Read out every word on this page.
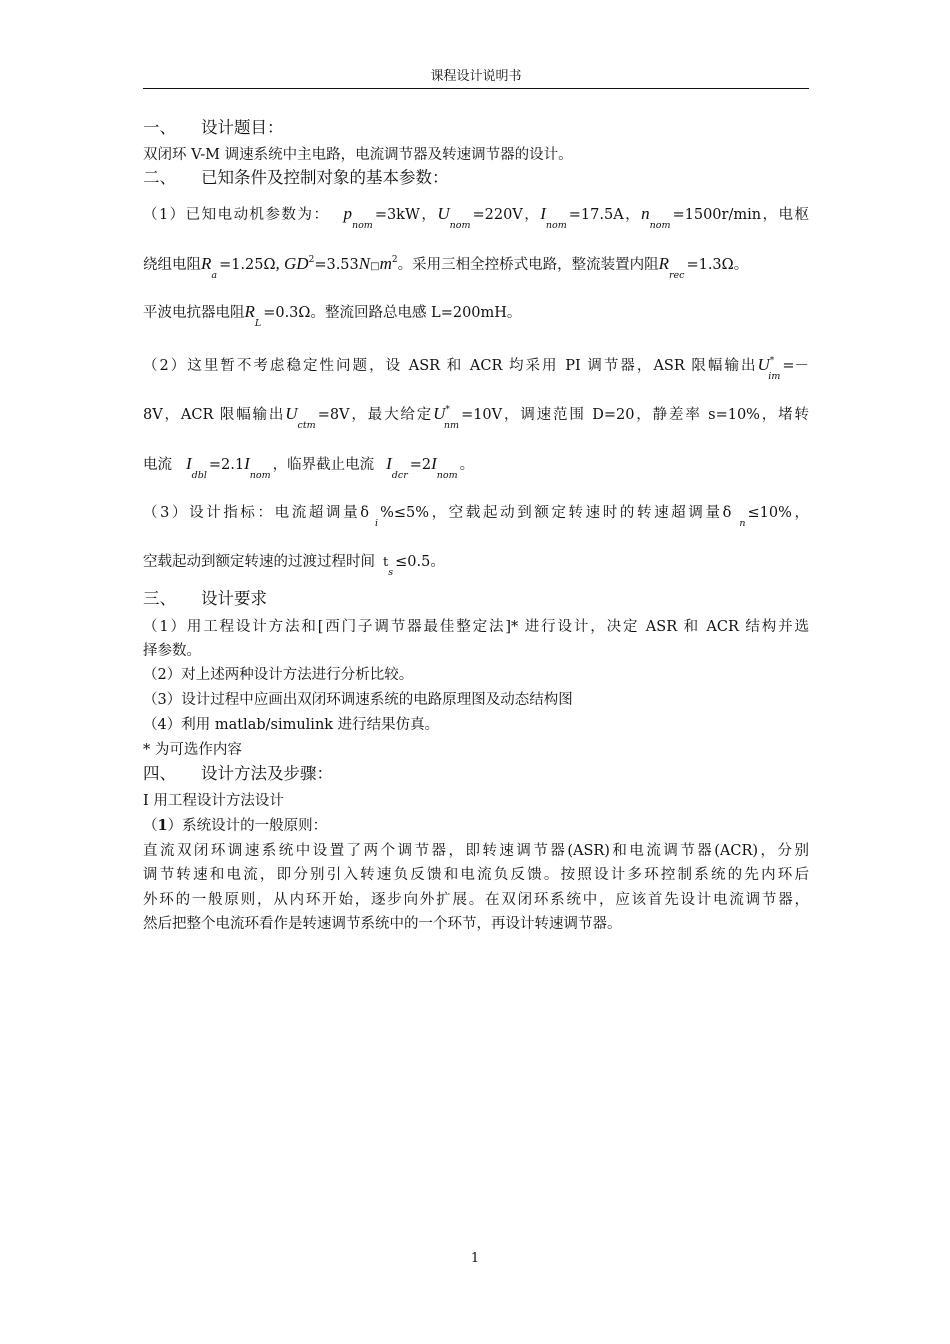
课程设计说明书
一、 设计题目：
双闭环 V-M 调速系统中主电路，电流调节器及转速调节器的设计。
二、 已知条件及控制对象的基本参数：
（1）已知电动机参数为： $p_{nom}=3kW$，$U_{nom}=220V$，$I_{nom}=17.5A$，$n_{nom}=1500r/\min$，电枢
绕组电阻$R_a=1.25\Omega$, $GD^2=3.53N□m^2$。采用三相全控桥式电路，整流装置内阻$R_{rec}=1.3\Omega$。
平波电抗器电阻$R_L=0.3\Omega$。整流回路总电感 L=200mH。
（2）这里暂不考虑稳定性问题，设 ASR 和 ACR 均采用 PI 调节器，ASR 限幅输出$U^*_{im}=-$
8V，ACR 限幅输出$U_{ctm}=8V$，最大给定$U^*_{nm}=10V$，调速范围 D=20，静差率 s=10%，堵转
电流 $I_{dbl}=2.1I_{nom}$，临界截止电流 $I_{dcr}=2I_{nom}$。
（3）设计指标：电流超调量$\delta_i\%\le 5\%$，空载起动到额定转速时的转速超调量$\delta_n\le 10\%$，
空载起动到额定转速的过渡过程时间 $t_s\le 0.5$。
三、 设计要求
（1）用工程设计方法和[西门子调节器最佳整定法]* 进行设计，决定 ASR 和 ACR 结构并选
择参数。
（2）对上述两种设计方法进行分析比较。
（3）设计过程中应画出双闭环调速系统的电路原理图及动态结构图
（4）利用 matlab/simulink 进行结果仿真。
* 为可选作内容
四、 设计方法及步骤：
Ⅰ 用工程设计方法设计
（1）系统设计的一般原则：
直流双闭环调速系统中设置了两个调节器，即转速调节器(ASR)和电流调节器(ACR)，分别
调节转速和电流，即分别引入转速负反馈和电流负反馈。按照设计多环控制系统的先内环后
外环的一般原则，从内环开始，逐步向外扩展。在双闭环系统中，应该首先设计电流调节器，
然后把整个电流环看作是转速调节系统中的一个环节，再设计转速调节器。
1
